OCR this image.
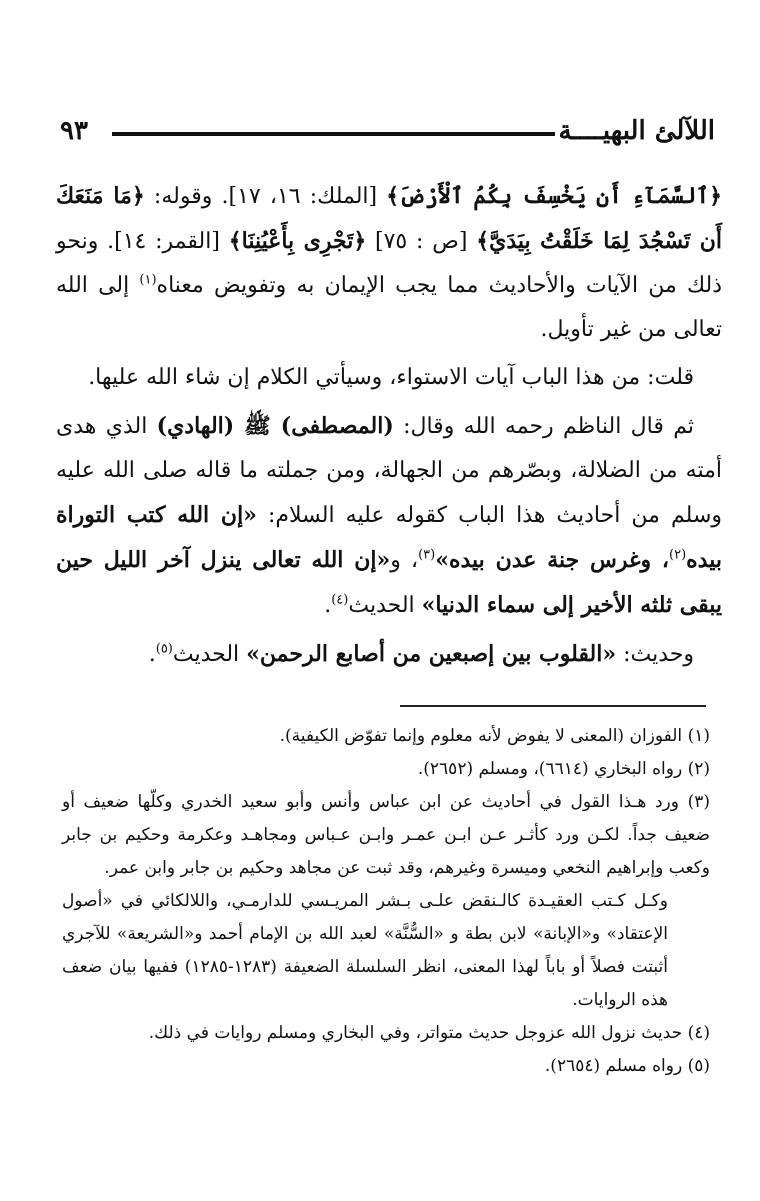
اللآلئ البهيــــة
٩٣

﴿ٱلسَّمَآءِ أَن يَخْسِفَ بِكُمُ ٱلْأَرْضَ﴾ [الملك: ١٦، ١٧]. وقوله: ﴿مَا مَنَعَكَ أَن تَسْجُدَ لِمَا خَلَقْتُ بِيَدَيَّ﴾ [ص : ٧٥] ﴿تَجْرِى بِأَعْيُنِنَا﴾ [القمر: ١٤]. ونحو ذلك من الآيات والأحاديث مما يجب الإيمان به وتفويض معناه$^{(١)}$ إلى الله تعالى من غير تأويل.

قلت: من هذا الباب آيات الاستواء، وسيأتي الكلام إن شاء الله عليها.

ثم قال الناظم رحمه الله وقال: (المصطفى) ﷺ (الهادي) الذي هدى أمته من الضلالة، وبصّرهم من الجهالة، ومن جملته ما قاله صلى الله عليه وسلم من أحاديث هذا الباب كقوله عليه السلام: «إن الله كتب التوراة بيده$^{(٢)}$، وغرس جنة عدن بيده»$^{(٣)}$، و«إن الله تعالى ينزل آخر الليل حين يبقى ثلثه الأخير إلى سماء الدنيا» الحديث$^{(٤)}$.

وحديث: «القلوب بين إصبعين من أصابع الرحمن» الحديث$^{(٥)}$.

(١) الفوزان (المعنى لا يفوض لأنه معلوم وإنما تفوّض الكيفية).

(٢) رواه البخاري (٦٦١٤)، ومسلم (٢٦٥٢).

(٣) ورد هـذا القول في أحاديث عن ابن عباس وأنس وأبو سعيد الخدري وكلّها ضعيف أو ضعيف جداً. لكـن ورد كأثـر عـن ابـن عمـر وابـن عـباس ومجاهـد وعكرمة وحكيم بن جابر وكعب وإبراهيم النخعي وميسرة وغيرهم، وقد ثبت عن مجاهد وحكيم بن جابر وابن عمر.

وكـل كـتب العقيـدة كالـنقض علـى بـشر المريـسي للدارمـي، واللالكائي في «أصول الإعتقاد» و«الإبانة» لابن بطة و «السُّنَّة» لعبد الله بن الإمام أحمد و«الشريعة» للآجري أثبتت فصلاً أو باباً لهذا المعنى، انظر السلسلة الضعيفة (١٢٨٣-١٢٨٥) ففيها بيان ضعف هذه الروايات.

(٤) حديث نزول الله عزوجل حديث متواتر، وفي البخاري ومسلم روايات في ذلك.

(٥) رواه مسلم (٢٦٥٤).
